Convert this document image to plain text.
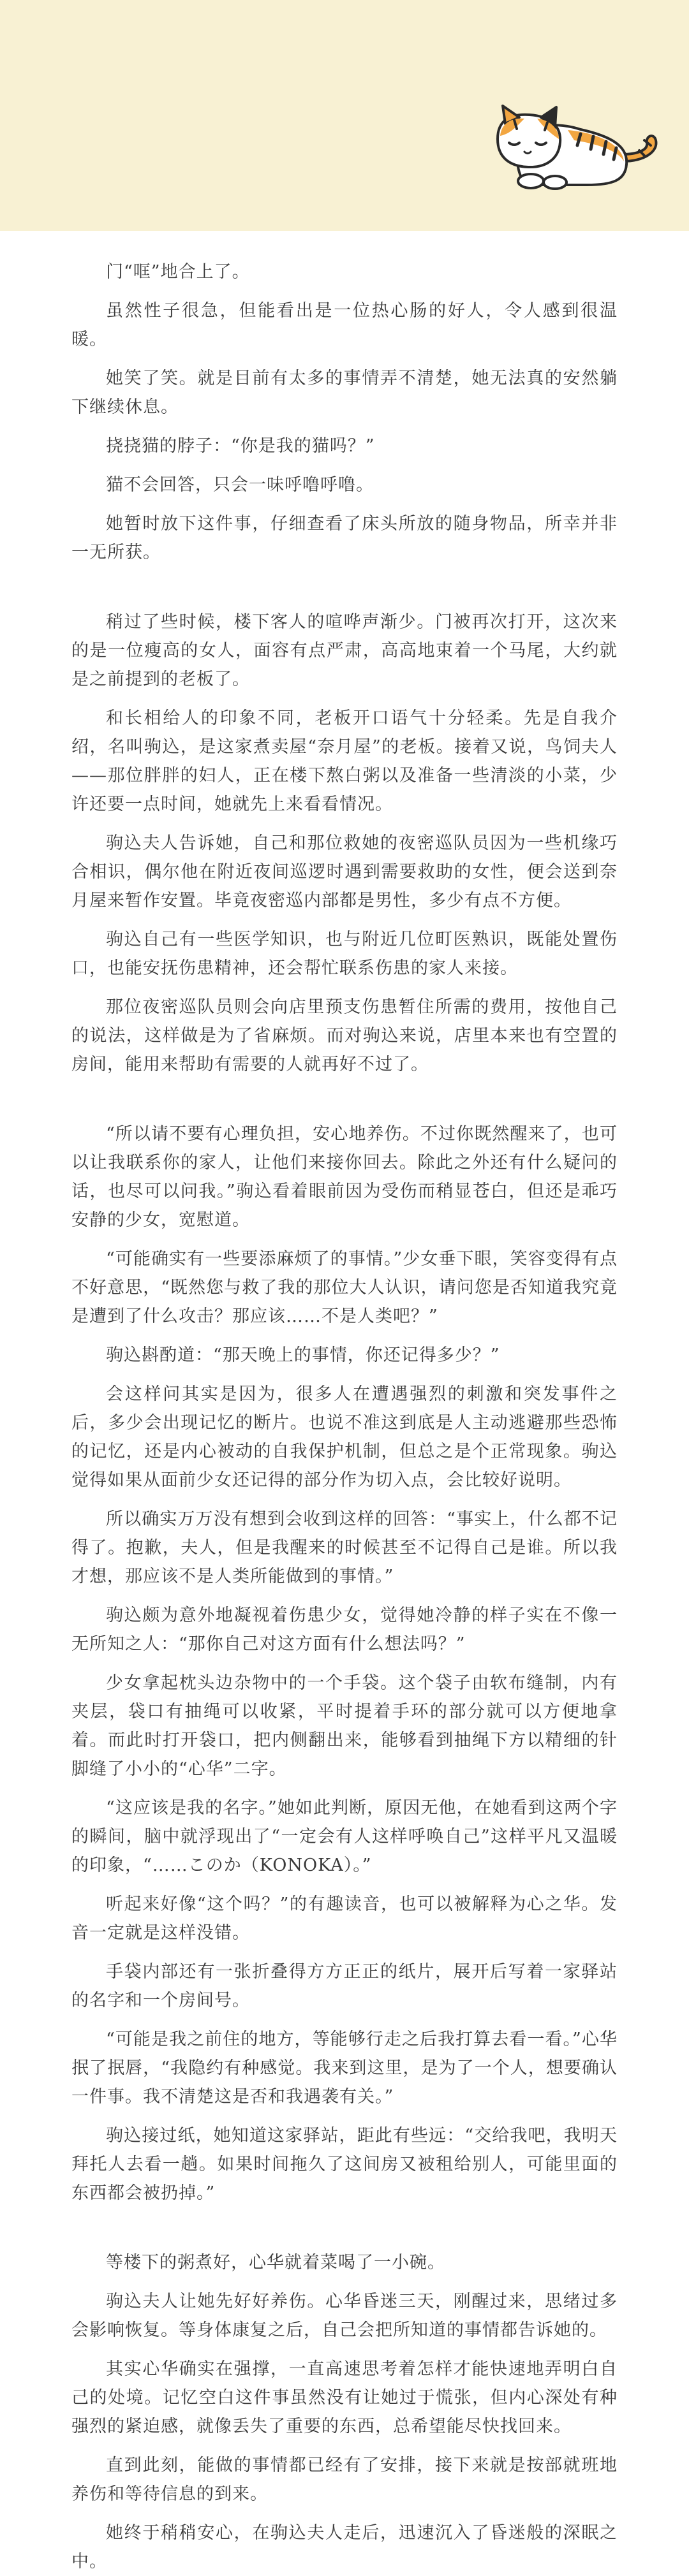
门“哐”地合上了。

虽然性子很急，但能看出是一位热心肠的好人，令人感到很温暖。

她笑了笑。就是目前有太多的事情弄不清楚，她无法真的安然躺下继续休息。

挠挠猫的脖子：“你是我的猫吗？”

猫不会回答，只会一味呼噜呼噜。

她暂时放下这件事，仔细查看了床头所放的随身物品，所幸并非一无所获。

稍过了些时候，楼下客人的喧哗声渐少。门被再次打开，这次来的是一位瘦高的女人，面容有点严肃，高高地束着一个马尾，大约就是之前提到的老板了。

和长相给人的印象不同，老板开口语气十分轻柔。先是自我介绍，名叫驹込，是这家煮卖屋“奈月屋”的老板。接着又说，鸟饲夫人——那位胖胖的妇人，正在楼下熬白粥以及准备一些清淡的小菜，少许还要一点时间，她就先上来看看情况。

驹込夫人告诉她，自己和那位救她的夜密巡队员因为一些机缘巧合相识，偶尔他在附近夜间巡逻时遇到需要救助的女性，便会送到奈月屋来暂作安置。毕竟夜密巡内部都是男性，多少有点不方便。

驹込自己有一些医学知识，也与附近几位町医熟识，既能处置伤口，也能安抚伤患精神，还会帮忙联系伤患的家人来接。

那位夜密巡队员则会向店里预支伤患暂住所需的费用，按他自己的说法，这样做是为了省麻烦。而对驹込来说，店里本来也有空置的房间，能用来帮助有需要的人就再好不过了。

“所以请不要有心理负担，安心地养伤。不过你既然醒来了，也可以让我联系你的家人，让他们来接你回去。除此之外还有什么疑问的话，也尽可以问我。”驹込看着眼前因为受伤而稍显苍白，但还是乖巧安静的少女，宽慰道。

“可能确实有一些要添麻烦了的事情。”少女垂下眼，笑容变得有点不好意思，“既然您与救了我的那位大人认识，请问您是否知道我究竟是遭到了什么攻击？那应该……不是人类吧？”

驹込斟酌道：“那天晚上的事情，你还记得多少？”

会这样问其实是因为，很多人在遭遇强烈的刺激和突发事件之后，多少会出现记忆的断片。也说不准这到底是人主动逃避那些恐怖的记忆，还是内心被动的自我保护机制，但总之是个正常现象。驹込觉得如果从面前少女还记得的部分作为切入点，会比较好说明。

所以确实万万没有想到会收到这样的回答：“事实上，什么都不记得了。抱歉，夫人，但是我醒来的时候甚至不记得自己是谁。所以我才想，那应该不是人类所能做到的事情。”

驹込颇为意外地凝视着伤患少女，觉得她冷静的样子实在不像一无所知之人：“那你自己对这方面有什么想法吗？”

少女拿起枕头边杂物中的一个手袋。这个袋子由软布缝制，内有夹层，袋口有抽绳可以收紧，平时提着手环的部分就可以方便地拿着。而此时打开袋口，把内侧翻出来，能够看到抽绳下方以精细的针脚缝了小小的“心华”二字。

“这应该是我的名字。”她如此判断，原因无他，在她看到这两个字的瞬间，脑中就浮现出了“一定会有人这样呼唤自己”这样平凡又温暖的印象，“……このか（KONOKA）。”

听起来好像“这个吗？”的有趣读音，也可以被解释为心之华。发音一定就是这样没错。

手袋内部还有一张折叠得方方正正的纸片，展开后写着一家驿站的名字和一个房间号。

“可能是我之前住的地方，等能够行走之后我打算去看一看。”心华抿了抿唇，“我隐约有种感觉。我来到这里，是为了一个人，想要确认一件事。我不清楚这是否和我遇袭有关。”

驹込接过纸，她知道这家驿站，距此有些远：“交给我吧，我明天拜托人去看一趟。如果时间拖久了这间房又被租给别人，可能里面的东西都会被扔掉。”

等楼下的粥煮好，心华就着菜喝了一小碗。

驹込夫人让她先好好养伤。心华昏迷三天，刚醒过来，思绪过多会影响恢复。等身体康复之后，自己会把所知道的事情都告诉她的。

其实心华确实在强撑，一直高速思考着怎样才能快速地弄明白自己的处境。记忆空白这件事虽然没有让她过于慌张，但内心深处有种强烈的紧迫感，就像丢失了重要的东西，总希望能尽快找回来。

直到此刻，能做的事情都已经有了安排，接下来就是按部就班地养伤和等待信息的到来。

她终于稍稍安心，在驹込夫人走后，迅速沉入了昏迷般的深眠之中。
